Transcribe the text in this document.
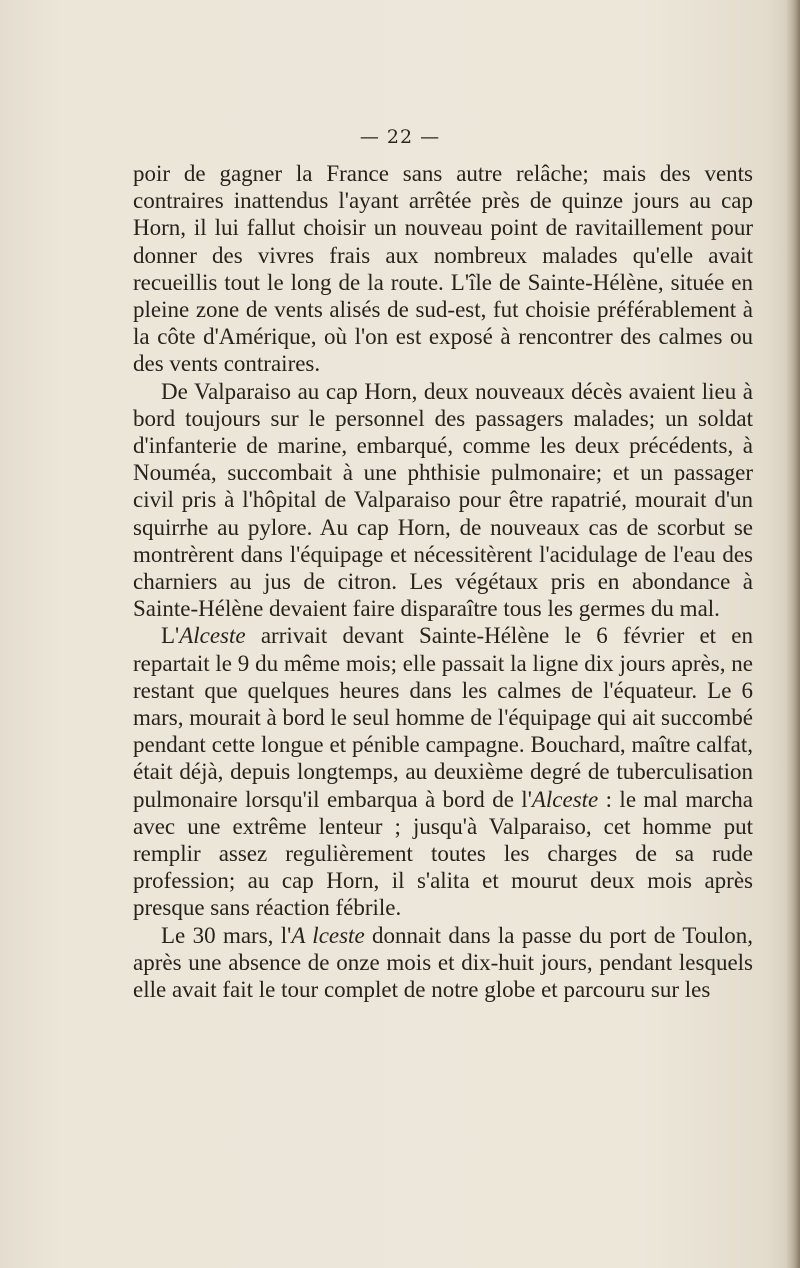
— 22 —

poir de gagner la France sans autre relâche; mais des vents contraires inattendus l'ayant arrêtée près de quinze jours au cap Horn, il lui fallut choisir un nouveau point de ravitaillement pour donner des vivres frais aux nombreux malades qu'elle avait recueillis tout le long de la route. L'île de Sainte-Hélène, située en pleine zone de vents alisés de sud-est, fut choisie préférablement à la côte d'Amérique, où l'on est exposé à rencontrer des calmes ou des vents contraires.

De Valparaiso au cap Horn, deux nouveaux décès avaient lieu à bord toujours sur le personnel des passagers malades; un soldat d'infanterie de marine, embarqué, comme les deux précédents, à Nouméa, succombait à une phthisie pulmonaire; et un passager civil pris à l'hôpital de Valparaiso pour être rapatrié, mourait d'un squirrhe au pylore. Au cap Horn, de nouveaux cas de scorbut se montrèrent dans l'équipage et nécessitèrent l'acidulage de l'eau des charniers au jus de citron. Les végétaux pris en abondance à Sainte-Hélène devaient faire disparaître tous les germes du mal.

L'Alceste arrivait devant Sainte-Hélène le 6 février et en repartait le 9 du même mois; elle passait la ligne dix jours après, ne restant que quelques heures dans les calmes de l'équateur. Le 6 mars, mourait à bord le seul homme de l'équipage qui ait succombé pendant cette longue et pénible campagne. Bouchard, maître calfat, était déjà, depuis longtemps, au deuxième degré de tuberculisation pulmonaire lorsqu'il embarqua à bord de l'Alceste : le mal marcha avec une extrême lenteur ; jusqu'à Valparaiso, cet homme put remplir assez regulièrement toutes les charges de sa rude profession; au cap Horn, il s'alita et mourut deux mois après presque sans réaction fébrile.

Le 30 mars, l'A lceste donnait dans la passe du port de Toulon, après une absence de onze mois et dix-huit jours, pendant lesquels elle avait fait le tour complet de notre globe et parcouru sur les
